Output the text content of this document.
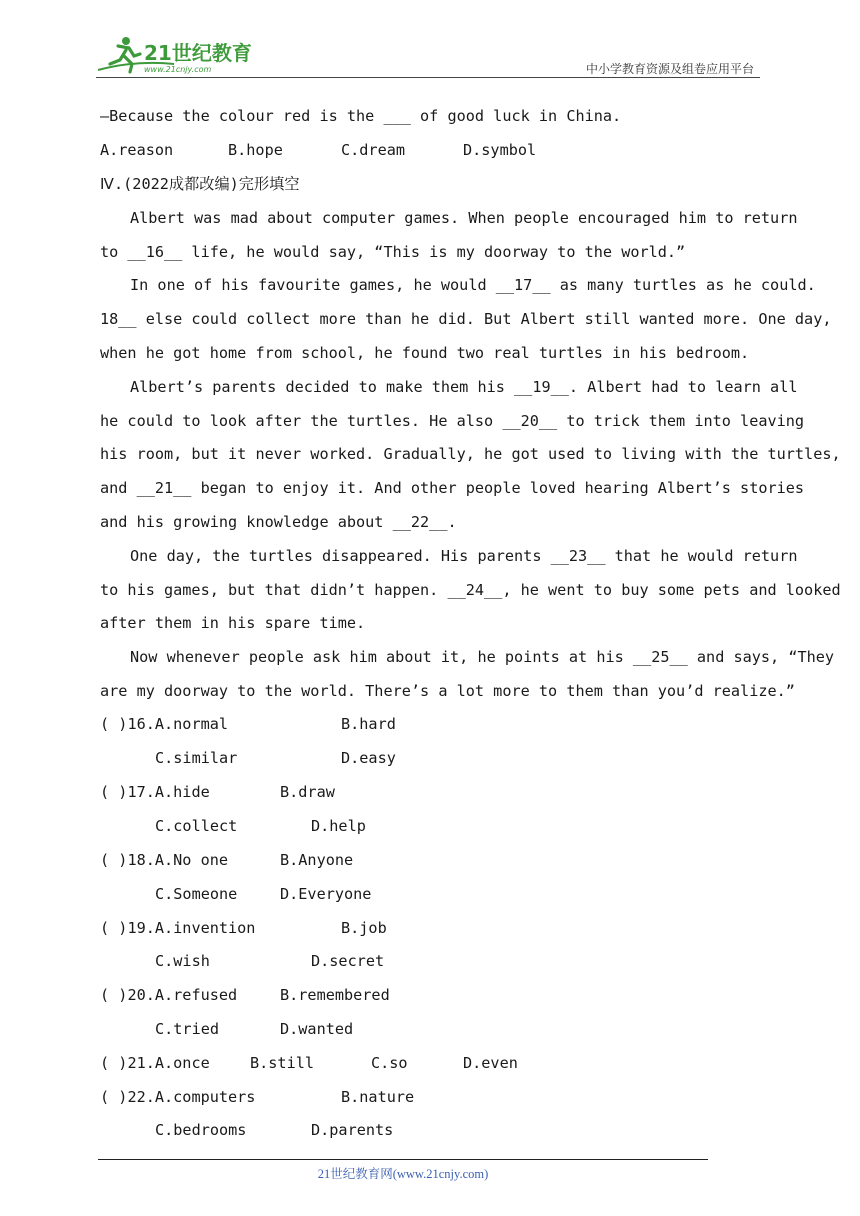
21世纪教育
www.21cnjy.com	中小学教育资源及组卷应用平台
—Because the colour red is the ___ of good luck in China.
A.reason	B.hope	C.dream	D.symbol
Ⅳ.(2022成都改编)完形填空
Albert was mad about computer games. When people encouraged him to return
to __16__ life, he would say, “This is my doorway to the world.”
In one of his favourite games, he would __17__ as many turtles as he could.
18__ else could collect more than he did. But Albert still wanted more. One day,
when he got home from school, he found two real turtles in his bedroom.
Albert’s parents decided to make them his __19__. Albert had to learn all
he could to look after the turtles. He also __20__ to trick them into leaving
his room, but it never worked. Gradually, he got used to living with the turtles,
and __21__ began to enjoy it. And other people loved hearing Albert’s stories
and his growing knowledge about __22__.
One day, the turtles disappeared. His parents __23__ that he would return
to his games, but that didn’t happen. __24__, he went to buy some pets and looked
after them in his spare time.
Now whenever people ask him about it, he points at his __25__ and says, “They
are my doorway to the world. There’s a lot more to them than you’d realize.”
( )16.A.normal	B.hard
C.similar	D.easy
( )17.A.hide	B.draw
C.collect	D.help
( )18.A.No one	B.Anyone
C.Someone	D.Everyone
( )19.A.invention	B.job
C.wish	D.secret
( )20.A.refused	B.remembered
C.tried	D.wanted
( )21.A.once	B.still	C.so	D.even
( )22.A.computers	B.nature
C.bedrooms	D.parents
21世纪教育网(www.21cnjy.com)
